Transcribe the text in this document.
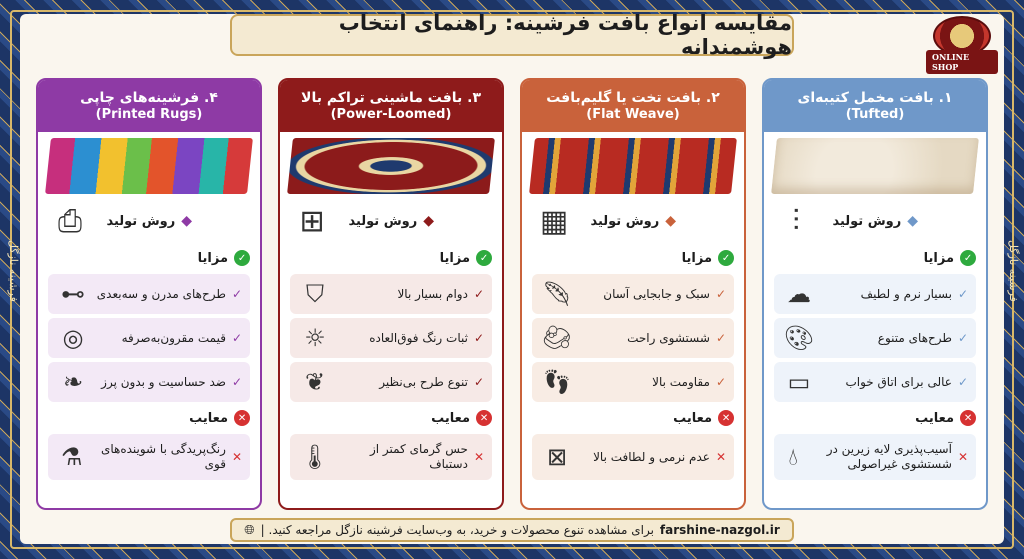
فرشینه نازگل	فرشینه نازگل
مقایسه انواع بافت فرشینه: راهنمای انتخاب هوشمندانه	ONLINE SHOP
۱. بافت مخمل کتیبه‌ای
(Tufted)
◆
روش تولید
⫶
✓
مزایا
✓
بسیار نرم و لطیف
☁
✓
طرح‌های متنوع
🎨︎
✓
عالی برای اتاق خواب
▭
✕
معایب
✕
آسیب‌پذیری لایه زیرین در شستشوی غیراصولی
💧︎
۲. بافت تخت یا گلیم‌بافت
(Flat Weave)
◆
روش تولید
▦
✓
مزایا
✓
سبک و جابجایی آسان
🪶︎
✓
شستشوی راحت
🧼︎
✓
مقاومت بالا
👣︎
✕
معایب
✕
عدم نرمی و لطافت بالا
⊠
۳. بافت ماشینی تراکم بالا
(Power-Loomed)
◆
روش تولید
⊞
✓
مزایا
✓
دوام بسیار بالا
⛉
✓
ثبات رنگ فوق‌العاده
☼
✓
تنوع طرح بی‌نظیر
❦
✕
معایب
✕
حس گرمای کمتر از دستباف
🌡︎
۴. فرشینه‌های چاپی
(Printed Rugs)
◆
روش تولید
⎙
✓
مزایا
✓
طرح‌های مدرن و سه‌بعدی
⊶
✓
قیمت مقرون‌به‌صرفه
◎
✓
ضد حساسیت و بدون پرز
❧
✕
معایب
✕
رنگ‌پریدگی با شوینده‌های قوی
⚗
🌐︎ برای مشاهده تنوع محصولات و خرید، به وب‌سایت فرشینه نازگل مراجعه کنید. | farshine-nazgol.ir
